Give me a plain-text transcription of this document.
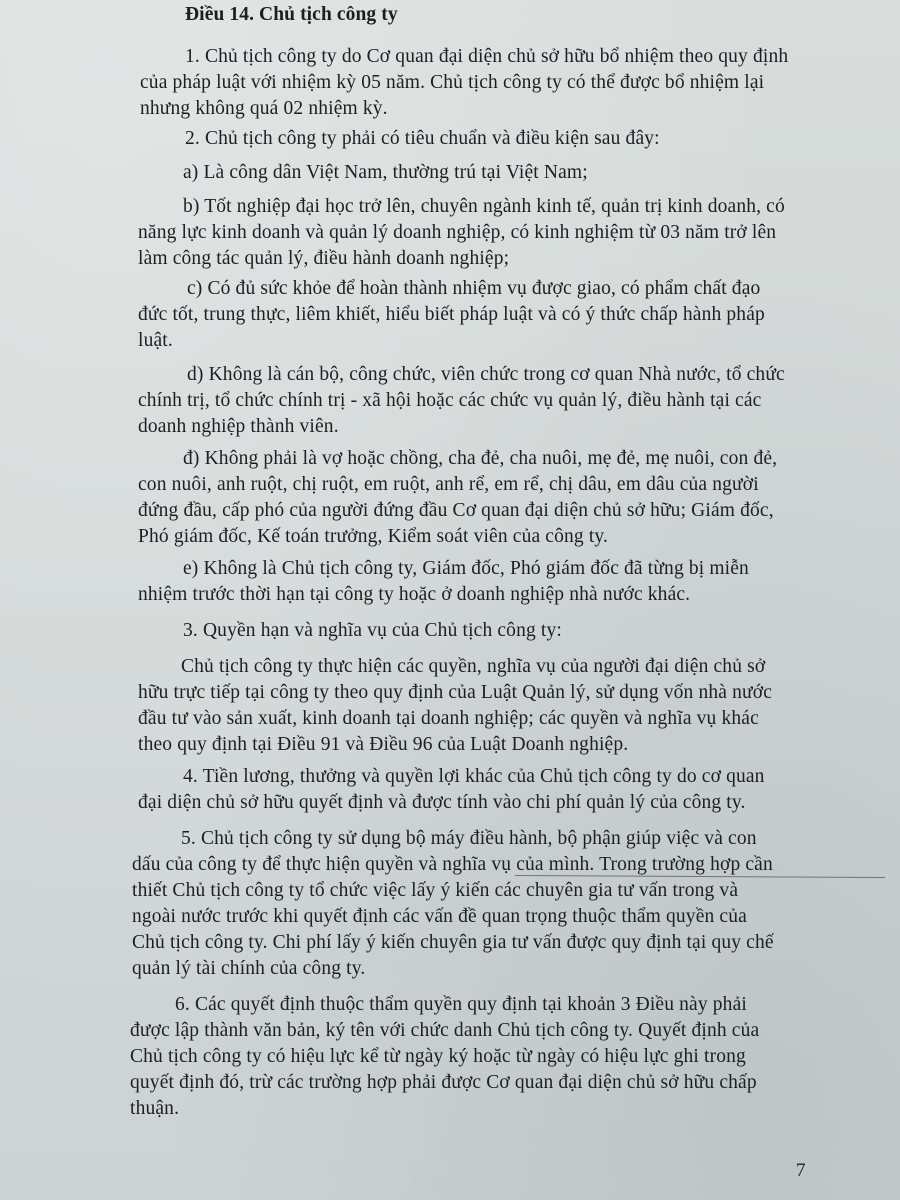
Điều 14. Chủ tịch công ty
1. Chủ tịch công ty do Cơ quan đại diện chủ sở hữu bổ nhiệm theo quy định
của pháp luật với nhiệm kỳ 05 năm. Chủ tịch công ty có thể được bổ nhiệm lại
nhưng không quá 02 nhiệm kỳ.
2. Chủ tịch công ty phải có tiêu chuẩn và điều kiện sau đây:
a) Là công dân Việt Nam, thường trú tại Việt Nam;
b) Tốt nghiệp đại học trở lên, chuyên ngành kinh tế, quản trị kinh doanh, có
năng lực kinh doanh và quản lý doanh nghiệp, có kinh nghiệm từ 03 năm trở lên
làm công tác quản lý, điều hành doanh nghiệp;
c) Có đủ sức khỏe để hoàn thành nhiệm vụ được giao, có phẩm chất đạo
đức tốt, trung thực, liêm khiết, hiểu biết pháp luật và có ý thức chấp hành pháp
luật.
d) Không là cán bộ, công chức, viên chức trong cơ quan Nhà nước, tổ chức
chính trị, tổ chức chính trị - xã hội hoặc các chức vụ quản lý, điều hành tại các
doanh nghiệp thành viên.
đ) Không phải là vợ hoặc chồng, cha đẻ, cha nuôi, mẹ đẻ, mẹ nuôi, con đẻ,
con nuôi, anh ruột, chị ruột, em ruột, anh rể, em rể, chị dâu, em dâu của người
đứng đầu, cấp phó của người đứng đầu Cơ quan đại diện chủ sở hữu; Giám đốc,
Phó giám đốc, Kế toán trưởng, Kiểm soát viên của công ty.
e) Không là Chủ tịch công ty, Giám đốc, Phó giám đốc đã từng bị miễn
nhiệm trước thời hạn tại công ty hoặc ở doanh nghiệp nhà nước khác.
3. Quyền hạn và nghĩa vụ của Chủ tịch công ty:
Chủ tịch công ty thực hiện các quyền, nghĩa vụ của người đại diện chủ sở
hữu trực tiếp tại công ty theo quy định của Luật Quản lý, sử dụng vốn nhà nước
đầu tư vào sản xuất, kinh doanh tại doanh nghiệp; các quyền và nghĩa vụ khác
theo quy định tại Điều 91 và Điều 96 của Luật Doanh nghiệp.
4. Tiền lương, thưởng và quyền lợi khác của Chủ tịch công ty do cơ quan
đại diện chủ sở hữu quyết định và được tính vào chi phí quản lý của công ty.
5. Chủ tịch công ty sử dụng bộ máy điều hành, bộ phận giúp việc và con
dấu của công ty để thực hiện quyền và nghĩa vụ của mình. Trong trường hợp cần
thiết Chủ tịch công ty tổ chức việc lấy ý kiến các chuyên gia tư vấn trong và
ngoài nước trước khi quyết định các vấn đề quan trọng thuộc thẩm quyền của
Chủ tịch công ty. Chi phí lấy ý kiến chuyên gia tư vấn được quy định tại quy chế
quản lý tài chính của công ty.
6. Các quyết định thuộc thẩm quyền quy định tại khoản 3 Điều này phải
được lập thành văn bản, ký tên với chức danh Chủ tịch công ty. Quyết định của
Chủ tịch công ty có hiệu lực kể từ ngày ký hoặc từ ngày có hiệu lực ghi trong
quyết định đó, trừ các trường hợp phải được Cơ quan đại diện chủ sở hữu chấp
thuận.
7
